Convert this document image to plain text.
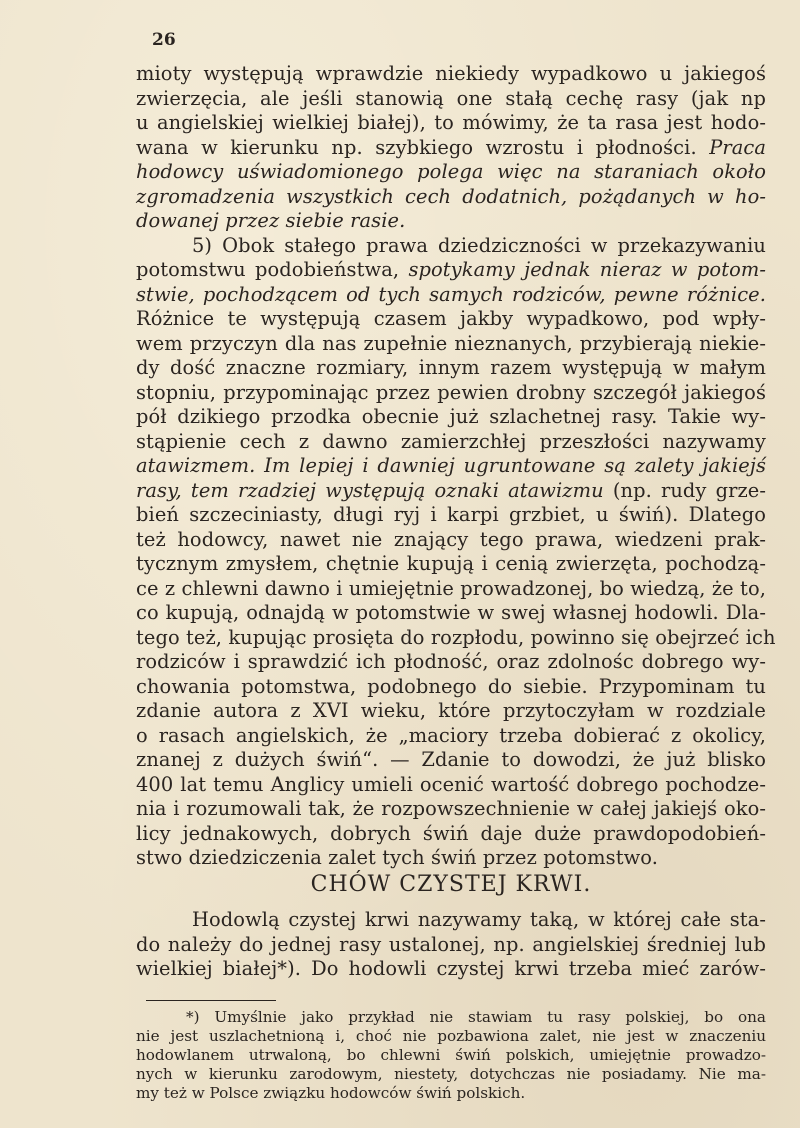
26
mioty występują wprawdzie niekiedy wypadkowo u jakiegoś
zwierzęcia, ale jeśli stanowią one stałą cechę rasy (jak np
u angielskiej wielkiej białej), to mówimy, że ta rasa jest hodo-
wana w kierunku np. szybkiego wzrostu i płodności. Praca
hodowcy uświadomionego polega więc na staraniach około
zgromadzenia wszystkich cech dodatnich, pożądanych w ho-
dowanej przez siebie rasie.
5) Obok stałego prawa dziedziczności w przekazywaniu
potomstwu podobieństwa, spotykamy jednak nieraz w potom-
stwie, pochodzącem od tych samych rodziców, pewne różnice.
Różnice te występują czasem jakby wypadkowo, pod wpły-
wem przyczyn dla nas zupełnie nieznanych, przybierają niekie-
dy dość znaczne rozmiary, innym razem występują w małym
stopniu, przypominając przez pewien drobny szczegół jakiegoś
pół dzikiego przodka obecnie już szlachetnej rasy. Takie wy-
stąpienie cech z dawno zamierzchłej przeszłości nazywamy
atawizmem. Im lepiej i dawniej ugruntowane są zalety jakiejś
rasy, tem rzadziej występują oznaki atawizmu (np. rudy grze-
bień szczeciniasty, długi ryj i karpi grzbiet, u świń). Dlatego
też hodowcy, nawet nie znający tego prawa, wiedzeni prak-
tycznym zmysłem, chętnie kupują i cenią zwierzęta, pochodzą-
ce z chlewni dawno i umiejętnie prowadzonej, bo wiedzą, że to,
co kupują, odnajdą w potomstwie w swej własnej hodowli. Dla-
tego też, kupując prosięta do rozpłodu, powinno się obejrzeć ich
rodziców i sprawdzić ich płodność, oraz zdolnośc dobrego wy-
chowania potomstwa, podobnego do siebie. Przypominam tu
zdanie autora z XVI wieku, które przytoczyłam w rozdziale
o rasach angielskich, że „maciory trzeba dobierać z okolicy,
znanej z dużych świń“. — Zdanie to dowodzi, że już blisko
400 lat temu Anglicy umieli ocenić wartość dobrego pochodze-
nia i rozumowali tak, że rozpowszechnienie w całej jakiejś oko-
licy jednakowych, dobrych świń daje duże prawdopodobień-
stwo dziedziczenia zalet tych świń przez potomstwo.
CHÓW CZYSTEJ KRWI.
Hodowlą czystej krwi nazywamy taką, w której całe sta-
do należy do jednej rasy ustalonej, np. angielskiej średniej lub
wielkiej białej*). Do hodowli czystej krwi trzeba mieć zarów-
*) Umyślnie jako przykład nie stawiam tu rasy polskiej, bo ona
nie jest uszlachetnioną i, choć nie pozbawiona zalet, nie jest w znaczeniu
hodowlanem utrwaloną, bo chlewni świń polskich, umiejętnie prowadzo-
nych w kierunku zarodowym, niestety, dotychczas nie posiadamy. Nie ma-
my też w Polsce związku hodowców świń polskich.
